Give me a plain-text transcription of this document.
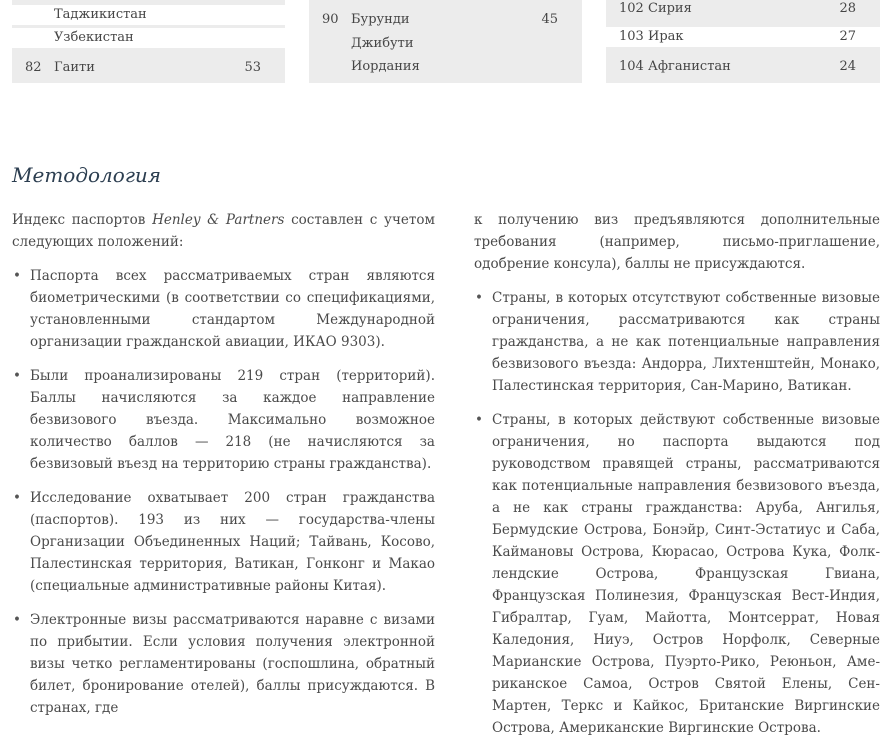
Таджикистан
Узбекистан
82 Гаити	53
90 Бурунди	45
Джибути
Иордания
102 Сирия	28
103 Ирак	27
104 Афганистан	24
Методология

Индекс паспортов Henley & Partners составлен с учетом следующих положений:

• Паспорта всех рассматриваемых стран являются биометрическими (в соответствии со спецификациями, установленными стандартом Международной организации гражданской авиации, ИКАО 9303).
• Были проанализированы 219 стран (территорий). Баллы начисляются за каждое направление безвизового въезда. Максимально возможное количество баллов — 218 (не начисляются за безвизовый въезд на территорию страны гражданства).
• Исследование охватывает 200 стран гражданства (паспортов). 193 из них — государства-члены Организации Объединенных Наций; Тайвань, Косово, Палестинская территория, Ватикан, Гонконг и Макао (специальные административные районы Китая).
• Электронные визы рассматриваются наравне с визами по прибытии. Если условия получения электронной визы четко регламентированы (госпошлина, обратный билет, бронирование отелей), баллы присуждаются. В странах, где

к получению виз предъявляются дополнительные требования (например, письмо-приглашение, одобрение консула), баллы не присуждаются.

• Страны, в которых отсутствуют собственные визовые ограничения, рассматриваются как страны гражданства, а не как потенциальные направления безвизового въезда: Андорра, Лихтенштейн, Монако, Палестинская территория, Сан-Марино, Ватикан.
• Страны, в которых действуют собственные визовые ограничения, но паспорта выдаются под руководством правящей страны, рассматриваются как потенциальные направления безвизового въезда, а не как страны гражданства: Аруба, Ангилья, Бермудские Острова, Бонэйр, Синт-Эстатиус и Саба, Каймановы Острова, Кюрасао, Острова Кука, Фолклендские Острова, Французская Гвиана, Французская Полинезия, Французская Вест-Индия, Гибралтар, Гуам, Майотта, Монтсеррат, Новая Каледония, Ниуэ, Остров Норфолк, Северные Марианские Острова, Пуэрто-Рико, Реюньон, Американское Самоа, Остров Святой Елены, Сен-Мартен, Теркс и Кайкос, Британские Виргинские Острова, Американские Виргинские Острова.
